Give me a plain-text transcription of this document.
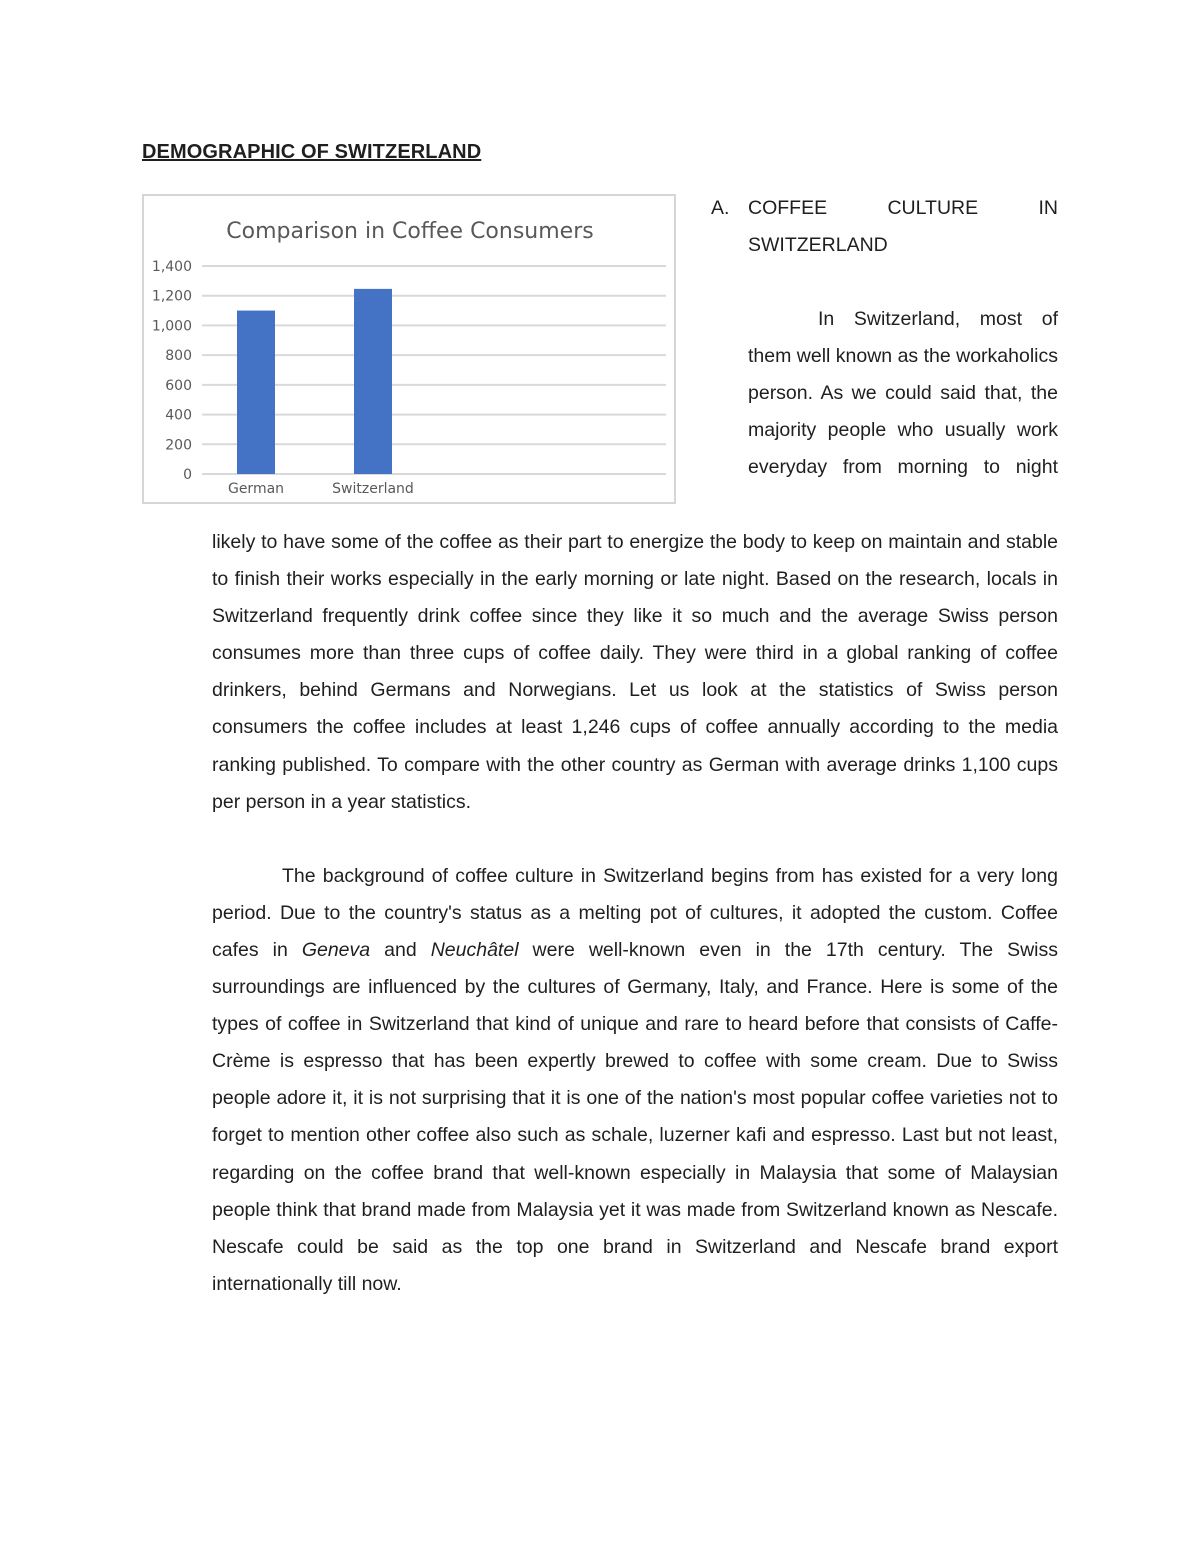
DEMOGRAPHIC OF SWITZERLAND
Comparison in Coffee Consumers
0
200
400
600
800
1,000
1,200
1,400
German	Switzerland
A. COFFEE CULTURE IN

SWITZERLAND

In Switzerland, most of them well known as the workaholics person. As we could said that, the majority people who usually work everyday from morning to night

likely to have some of the coffee as their part to energize the body to keep on maintain and stable to finish their works especially in the early morning or late night. Based on the research, locals in Switzerland frequently drink coffee since they like it so much and the average Swiss person consumes more than three cups of coffee daily. They were third in a global ranking of coffee drinkers, behind Germans and Norwegians. Let us look at the statistics of Swiss person consumers the coffee includes at least 1,246 cups of coffee annually according to the media ranking published. To compare with the other country as German with average drinks 1,100 cups per person in a year statistics.

The background of coffee culture in Switzerland begins from has existed for a very long period. Due to the country's status as a melting pot of cultures, it adopted the custom. Coffee cafes in Geneva and Neuchâtel were well-known even in the 17th century. The Swiss surroundings are influenced by the cultures of Germany, Italy, and France. Here is some of the types of coffee in Switzerland that kind of unique and rare to heard before that consists of Caffe-Crème is espresso that has been expertly brewed to coffee with some cream. Due to Swiss people adore it, it is not surprising that it is one of the nation's most popular coffee varieties not to forget to mention other coffee also such as schale, luzerner kafi and espresso. Last but not least, regarding on the coffee brand that well-known especially in Malaysia that some of Malaysian people think that brand made from Malaysia yet it was made from Switzerland known as Nescafe. Nescafe could be said as the top one brand in Switzerland and Nescafe brand export internationally till now.
